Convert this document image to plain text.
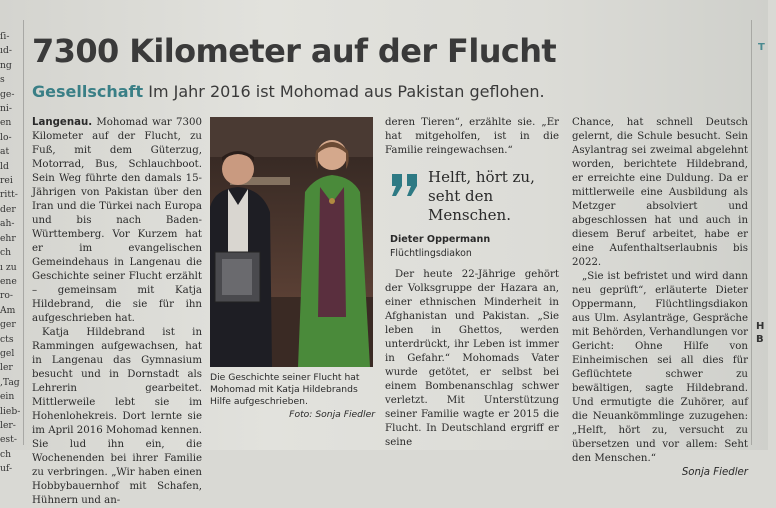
ſi-
ıd-
ng
s
ge-
ni-
en
lo-
at
ld
rei
ritt-
der
ah-
ehr
ch
ı zu
ene
ro-
Am
ger
cts
gel
ler
,Tag
ein
lieb-
ler-
est-
ch
uf-
T
H
B
7300 Kilometer auf der Flucht
Gesellschaft Im Jahr 2016 ist Mohomad aus Pakistan geflohen.

Langenau. Mohomad war 7300 Kilometer auf der Flucht, zu Fuß, mit dem Güterzug, Motorrad, Bus, Schlauchboot. Sein Weg führte den damals 15-Jährigen von Pakistan über den Iran und die Türkei nach Europa und bis nach Baden-Württemberg. Vor Kurzem hat er im evangelischen Gemeindehaus in Langenau die Geschichte seiner Flucht erzählt – gemeinsam mit Katja Hildebrand, die sie für ihn aufgeschrieben hat.

Katja Hildebrand ist in Rammingen aufgewachsen, hat in Langenau das Gymnasium besucht und in Dornstadt als Lehrerin gearbeitet. Mittlerweile lebt sie im Hohenlohekreis. Dort lernte sie im April 2016 Mohomad kennen. Sie lud ihn ein, die Wochenenden bei ihrer Familie zu verbringen. „Wir haben einen Hobbybauernhof mit Schafen, Hühnern und an-

Die Geschichte seiner Flucht hat Mohomad mit Katja Hildebrands Hilfe aufgeschrieben.
Foto: Sonja Fiedler

deren Tieren“, erzählte sie. „Er hat mitgeholfen, ist in die Familie reingewachsen.“

Helft, hört zu, seht den Menschen.
Dieter Oppermann
Flüchtlingsdiakon

Der heute 22-Jährige gehört der Volksgruppe der Hazara an, einer ethnischen Minderheit in Afghanistan und Pakistan. „Sie leben in Ghettos, werden unterdrückt, ihr Leben ist immer in Gefahr.“ Mohomads Vater wurde getötet, er selbst bei einem Bombenanschlag schwer verletzt. Mit Unterstützung seiner Familie wagte er 2015 die Flucht. In Deutschland ergriff er seine

Chance, hat schnell Deutsch gelernt, die Schule besucht. Sein Asylantrag sei zweimal abgelehnt worden, berichtete Hildebrand, er erreichte eine Duldung. Da er mittlerweile eine Ausbildung als Metzger absolviert und abgeschlossen hat und auch in diesem Beruf arbeitet, habe er eine Aufenthaltserlaubnis bis 2022.

„Sie ist befristet und wird dann neu geprüft“, erläuterte Dieter Oppermann, Flüchtlingsdiakon aus Ulm. Asylanträge, Gespräche mit Behörden, Verhandlungen vor Gericht: Ohne Hilfe von Einheimischen sei all dies für Geflüchtete schwer zu bewältigen, sagte Hildebrand. Und ermutigte die Zuhörer, auf die Neuankömmlinge zuzugehen: „Helft, hört zu, versucht zu übersetzen und vor allem: Seht den Menschen.“

Sonja Fiedler
